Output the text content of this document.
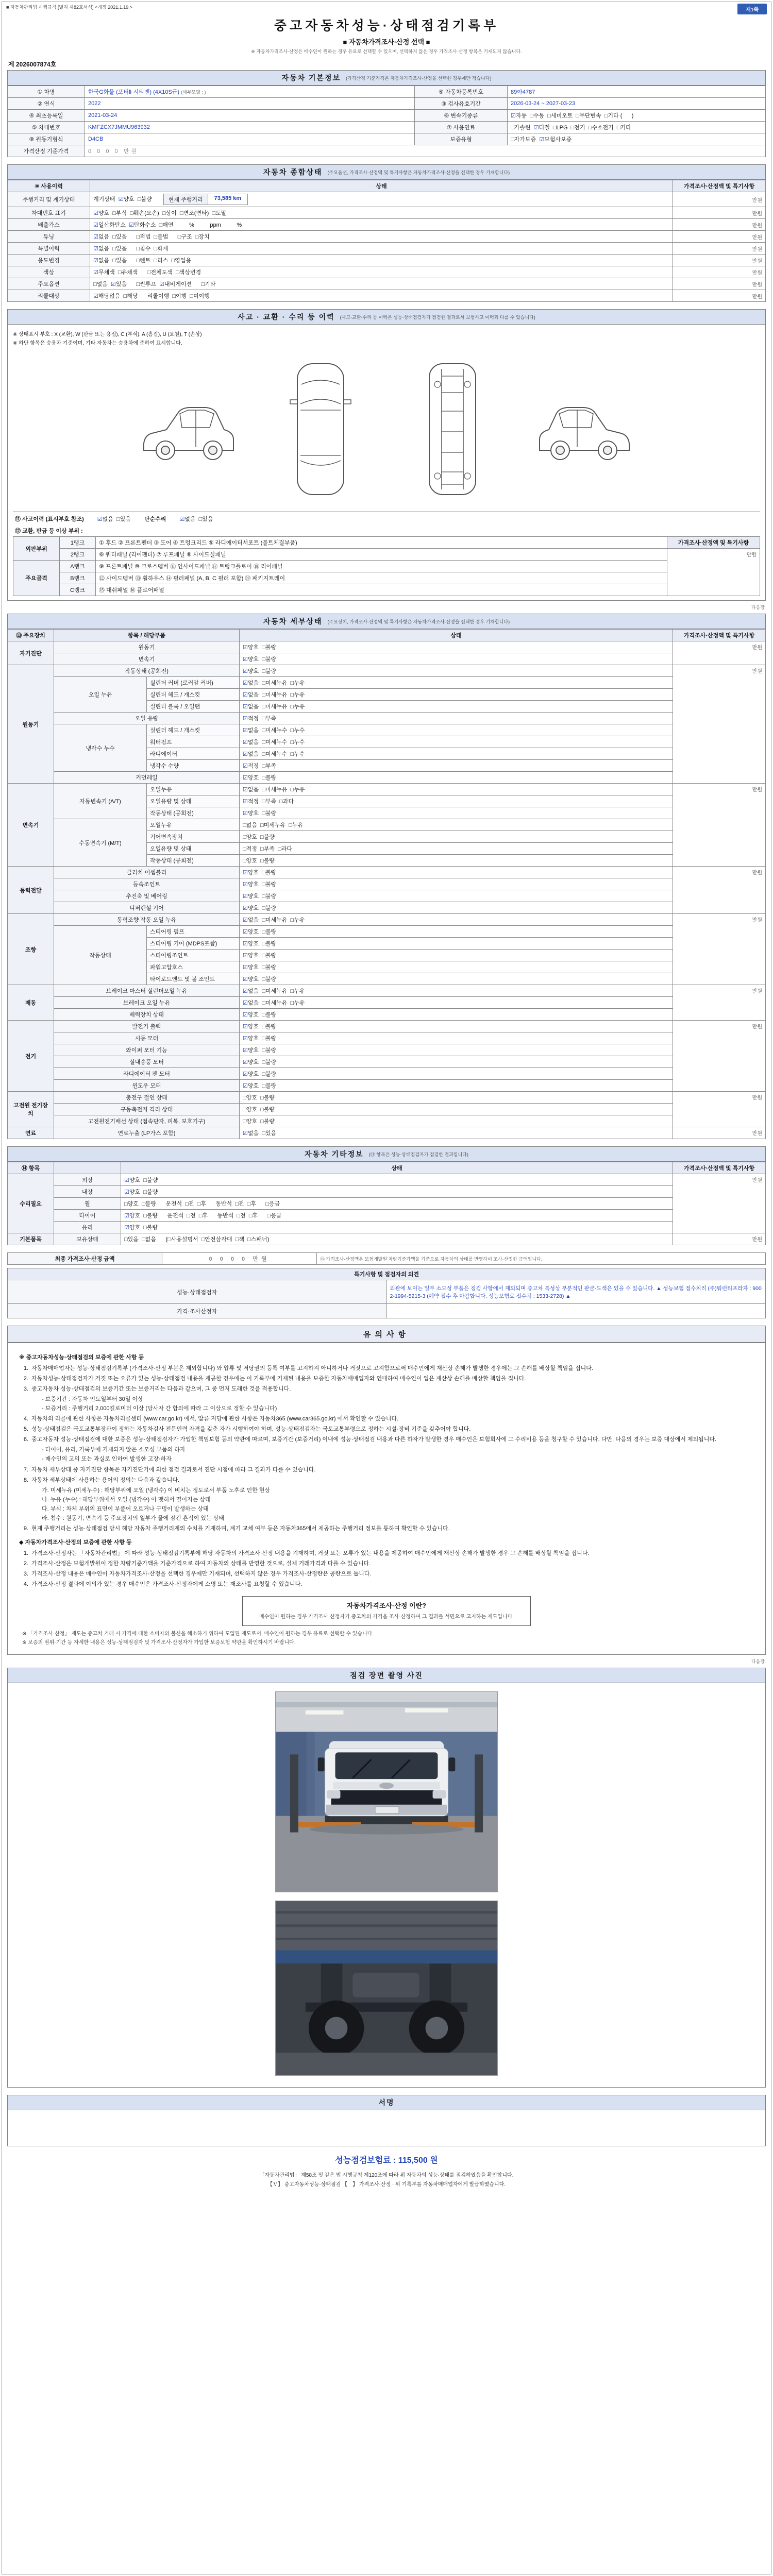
■ 자동차관리법 시행규칙 [별지 제82호서식] <개정 2021.1.19.>	제1쪽
중고자동차성능·상태점검기록부
■ 자동차가격조사·산정 선택 ■
※ 자동차가격조사·산정은 매수인이 원하는 경우 유료로 선택할 수 있으며, 선택하지 않은 경우 가격조사·산정 항목은 기재되지 않습니다.
제 2026007874호
자동차 기본정보 (가격산정 기준가격은 자동차가격조사·산정을 선택한 경우에만 적습니다)
① 차명	한국G화물 (포터Ⅱ 시티밴) (4X10S급) (세부모델 : )	⑨ 자동차등록번호	89아4787
② 연식	2022	③ 검사유효기간	2026-03-24 ~ 2027-03-23
④ 최초등록일	2021-03-24	⑥ 변속기종류	☑자동  □수동  □세미오토  □무단변속  □기타 (      )
⑤ 차대번호	KMFZCX7JMMU963932	⑦ 사용연료	□가솔린  ☑디젤  □LPG  □전기  □수소전기  □기타
⑧ 원동기형식	D4CB	보증유형	□자가보증  ☑보험사보증
가격산정 기준가격	0 0 0 0 만원		
자동차 종합상태 (주요옵션, 가격조사·산정액 및 특기사항은 자동차가격조사·산정을 선택한 경우 기재합니다)
⑩ 사용이력	상태	가격조사·산정액 및 특기사항
주행거리 및 계기상태	계기상태  ☑양호  □불량 현재 주행거리 73,585 km	만원
차대번호 표기	☑양호  □부식  □훼손(오손)  □상이  □변조(변타)  □도말	만원
배출가스	☑일산화탄소  ☑탄화수소  □매연          %          ppm          %	만원
튜닝	☑없음  □있음      □적법  □불법      □구조  □장치	만원
특별이력	☑없음  □있음      □침수  □화재	만원
용도변경	☑없음  □있음      □렌트  □리스  □영업용	만원
색상	☑무채색  □유채색      □전체도색  □색상변경	만원
주요옵션	□없음  ☑있음      □썬루프  ☑내비게이션      □기타	만원
리콜대상	☑해당없음  □해당      리콜이행  □이행  □미이행	만원
사고 · 교환 · 수리 등 이력 (사고·교환·수리 등 이력은 성능·상태점검자가 점검한 결과로서 보험사고 이력과 다를 수 있습니다)
※ 상태표시 부호 : X (교환), W (판금 또는 용접), C (부식), A (흠집), U (요철), T (손상)
※ 하단 항목은 승용차 기준이며, 기타 자동차는 승용차에 준하여 표시합니다.
⑪ 사고이력 (표시부호 참조) ☑없음  □있음 단순수리 ☑없음  □있음
⑫ 교환, 판금 등 이상 부위 :
외판부위	1랭크	① 후드 ② 프론트펜더 ③ 도어 ④ 트렁크리드 ⑤ 라디에이터서포트 (볼트체결부품)	가격조사·산정액 및 특기사항
	2랭크	⑥ 쿼터패널 (리어펜더) ⑦ 루프패널 ⑧ 사이드실패널	만원
주요골격	A랭크	⑨ 프론트패널 ⑩ 크로스멤버 ⑪ 인사이드패널 ⑰ 트렁크플로어 ⑱ 리어패널	
	B랭크	⑫ 사이드멤버 ⑬ 휠하우스 ⑭ 필러패널 (A, B, C 필러 포함) ⑲ 패키지트레이	
	C랭크	⑮ 대쉬패널 ⑯ 플로어패널	
다음장
자동차 세부상태 (주요장치, 가격조사·산정액 및 특기사항은 자동차가격조사·산정을 선택한 경우 기재합니다)
⑬ 주요장치	항목 / 해당부품		상태	가격조사·산정액 및 특기사항
자기진단	원동기		☑양호  □불량	만원
	변속기		☑양호  □불량	
원동기	작동상태 (공회전)		☑양호  □불량	만원
	오일 누유	실린더 커버 (로커암 커버)	☑없음  □미세누유  □누유	
		실린더 헤드 / 개스킷	☑없음  □미세누유  □누유	
		실린더 블록 / 오일팬	☑없음  □미세누유  □누유	
	오일 유량		☑적정  □부족	
	냉각수 누수	실린더 헤드 / 개스킷	☑없음  □미세누수  □누수	
		워터펌프	☑없음  □미세누수  □누수	
		라디에이터	☑없음  □미세누수  □누수	
		냉각수 수량	☑적정  □부족	
	커먼레일		☑양호  □불량	
변속기	자동변속기 (A/T)	오일누유	☑없음  □미세누유  □누유	만원
		오일유량 및 상태	☑적정  □부족  □과다	
		작동상태 (공회전)	☑양호  □불량	
	수동변속기 (M/T)	오일누유	□없음  □미세누유  □누유	
		기어변속장치	□양호  □불량	
		오일유량 및 상태	□적정  □부족  □과다	
		작동상태 (공회전)	□양호  □불량	
동력전달	클러치 어셈블리		☑양호  □불량	만원
	등속조인트		☑양호  □불량	
	추진축 및 베어링		☑양호  □불량	
	디퍼렌셜 기어		☑양호  □불량	
조향	동력조향 작동 오일 누유		☑없음  □미세누유  □누유	만원
	작동상태	스티어링 펌프	☑양호  □불량	
		스티어링 기어 (MDPS포함)	☑양호  □불량	
		스티어링조인트	☑양호  □불량	
		파워고압호스	☑양호  □불량	
		타이로드엔드 및 볼 조인트	☑양호  □불량	
제동	브레이크 마스터 실린더오일 누유		☑없음  □미세누유  □누유	만원
	브레이크 오일 누유		☑없음  □미세누유  □누유	
	배력장치 상태		☑양호  □불량	
전기	발전기 출력		☑양호  □불량	만원
	시동 모터		☑양호  □불량	
	와이퍼 모터 기능		☑양호  □불량	
	실내송풍 모터		☑양호  □불량	
	라디에이터 팬 모터		☑양호  □불량	
	윈도우 모터		☑양호  □불량	
고전원 전기장치	충전구 절연 상태		□양호  □불량	만원
	구동축전지 격리 상태		□양호  □불량	
	고전원전기배선 상태 (접속단자, 피복, 보호기구)		□양호  □불량	
연료	연료누출 (LP가스 포함)		☑없음  □있음	만원
자동차 기타정보 (⑭ 항목은 성능·상태점검자가 점검한 결과입니다)
⑭ 항목		상태	가격조사·산정액 및 특기사항
수리필요	외장	☑양호  □불량	만원
	내장	☑양호  □불량	
	휠	□양호  □불량      운전석  □전  □후      동반석  □전  □후      □응급	
	타이어	☑양호  □불량      운전석  □전  □후      동반석  □전  □후      □응급	
	유리	☑양호  □불량	
기본품목	보유상태	□있음  □없음      (□사용설명서  □안전삼각대  □잭  □스패너)	만원
최종 가격조사·산정 금액	0 0 0 0 만원	⑮ 가격조사·산정액은 보험개발원 차량기준가액을 기준으로 자동차의 상태를 반영하여 조사·산정한 금액입니다.
특기사항 및 점검자의 의견	
성능·상태점검자	외관에 보이는 일부 소모성 부품은 점검 사항에서 제외되며 중고차 특성상 부분적인 판금·도색은 있을 수 있습니다. ▲ 성능보험 접수처리 (주)워런티프라자 : 9002-1994-5215-3 (예약 접수 후 마감합니다. 성능보험료 접수처 : 1533-2728) ▲
가격·조사산정자	
유의사항
※ 중고자동차성능·상태점검의 보증에 관한 사항 등
1. 자동차매매업자는 성능·상태점검기록부 (가격조사·산정 부분은 제외합니다) 와 압류 및 저당권의 등록 여부를 고지하지 아니하거나 거짓으로 고지함으로써 매수인에게 재산상 손해가 발생한 경우에는 그 손해를 배상할 책임을 집니다.
2. 자동차성능·상태점검자가 거짓 또는 오류가 있는 성능·상태점검 내용을 제공한 경우에는 이 기록부에 기재된 내용을 보증한 자동차매매업자와 연대하여 매수인이 입은 재산상 손해를 배상할 책임을 집니다.
3. 중고자동차 성능·상태점검의 보증기간 또는 보증거리는 다음과 같으며, 그 중 먼저 도래한 것을 적용합니다.
- 보증기간 : 자동차 인도일부터 30일 이상
- 보증거리 : 주행거리 2,000킬로미터 이상 (당사자 간 합의에 따라 그 이상으로 정할 수 있습니다)
4. 자동차의 리콜에 관한 사항은 자동차리콜센터 (www.car.go.kr) 에서, 압류·저당에 관한 사항은 자동차365 (www.car365.go.kr) 에서 확인할 수 있습니다.
5. 성능·상태점검은 국토교통부장관이 정하는 자동차검사 전문인력 자격을 갖춘 자가 시행하여야 하며, 성능·상태점검자는 국토교통부령으로 정하는 시설·장비 기준을 갖추어야 합니다.
6. 중고자동차 성능·상태점검에 대한 보증은 성능·상태점검자가 가입한 책임보험 등의 약관에 따르며, 보증기간 (보증거리) 이내에 성능·상태점검 내용과 다른 하자가 발생한 경우 매수인은 보험회사에 그 수리비용 등을 청구할 수 있습니다. 다만, 다음의 경우는 보증 대상에서 제외됩니다.
- 타이어, 유리, 기록부에 기재되지 않은 소모성 부품의 하자
- 매수인의 고의 또는 과실로 인하여 발생한 고장·하자
7. 자동차 세부상태 중 자기진단 항목은 자기진단기에 의한 점검 결과로서 진단 시점에 따라 그 결과가 다를 수 있습니다.
8. 자동차 세부상태에 사용하는 용어의 정의는 다음과 같습니다.
가. 미세누유 (미세누수) : 해당부위에 오일 (냉각수) 이 비치는 정도로서 부품 노후로 인한 현상
나. 누유 (누수) : 해당부위에서 오일 (냉각수) 이 맺혀서 떨어지는 상태
다. 부식 : 차체 부위의 표면이 부풀어 오르거나 구멍이 발생하는 상태
라. 침수 : 원동기, 변속기 등 주요장치의 일부가 물에 잠긴 흔적이 있는 상태
9. 현재 주행거리는 성능·상태점검 당시 해당 자동차 주행거리계의 수치를 기재하며, 계기 교체 여부 등은 자동차365에서 제공하는 주행거리 정보를 통하여 확인할 수 있습니다.
◆ 자동차가격조사·산정의 보증에 관한 사항 등
1. 가격조사·산정자는 「자동차관리법」 에 따라 성능·상태점검기록부에 해당 자동차의 가격조사·산정 내용을 기재하며, 거짓 또는 오류가 있는 내용을 제공하여 매수인에게 재산상 손해가 발생한 경우 그 손해를 배상할 책임을 집니다.
2. 가격조사·산정은 보험개발원이 정한 차량기준가액을 기준가격으로 하여 자동차의 상태를 반영한 것으로, 실제 거래가격과 다를 수 있습니다.
3. 가격조사·산정 내용은 매수인이 자동차가격조사·산정을 선택한 경우에만 기재되며, 선택하지 않은 경우 가격조사·산정란은 공란으로 둡니다.
4. 가격조사·산정 결과에 이의가 있는 경우 매수인은 가격조사·산정자에게 소명 또는 재조사를 요청할 수 있습니다.
자동차가격조사·산정 이란?
매수인이 원하는 경우 가격조사·산정자가 중고차의 가격을 조사·산정하여 그 결과를 서면으로 고지하는 제도입니다.
※ 「가격조사·산정」 제도는 중고차 거래 시 가격에 대한 소비자의 불신을 해소하기 위하여 도입된 제도로서, 매수인이 원하는 경우 유료로 선택할 수 있습니다.
※ 보증의 범위·기간 등 자세한 내용은 성능·상태점검자 및 가격조사·산정자가 가입한 보증보험 약관을 확인하시기 바랍니다.
다음장
점검 장면 촬영 사진
서명
성능점검보험료 : 115,500 원
「자동차관리법」 제58조 및 같은 법 시행규칙 제120조에 따라 위 자동차의 성능·상태를 점검하였음을 확인합니다.
【Ｖ】 중고자동차성능·상태점검 【　】 가격조사·산정 · 위 기록부를 자동차매매업자에게 발급하였습니다.
